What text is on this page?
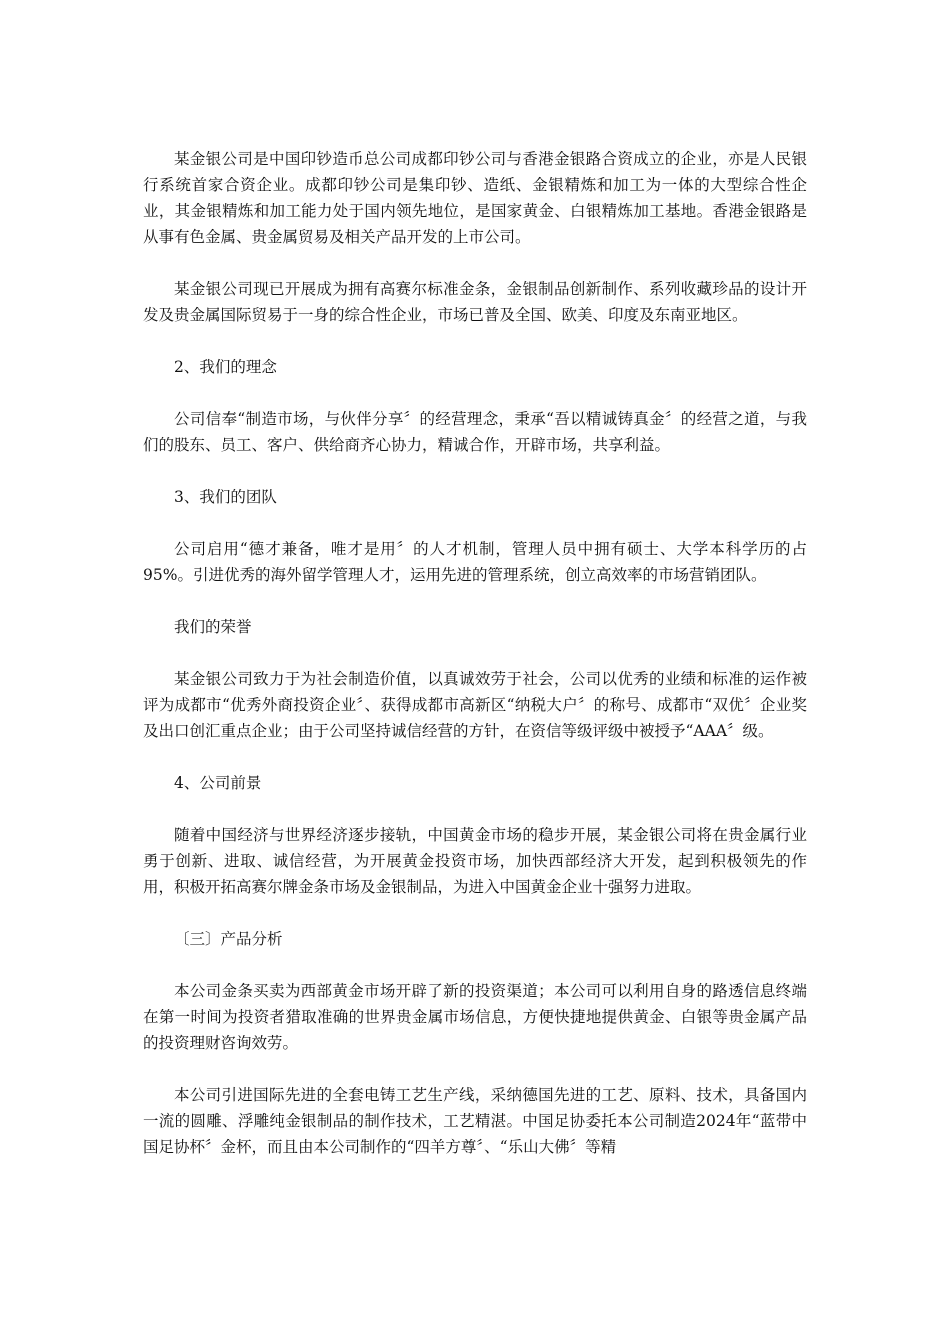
某金银公司是中国印钞造币总公司成都印钞公司与香港金银路合资成立的企业，亦是人民银行系统首家合资企业。成都印钞公司是集印钞、造纸、金银精炼和加工为一体的大型综合性企业，其金银精炼和加工能力处于国内领先地位，是国家黄金、白银精炼加工基地。香港金银路是从事有色金属、贵金属贸易及相关产品开发的上市公司。

某金银公司现已开展成为拥有高赛尔标准金条，金银制品创新制作、系列收藏珍品的设计开发及贵金属国际贸易于一身的综合性企业，市场已普及全国、欧美、印度及东南亚地区。

2、我们的理念

公司信奉“制造市场，与伙伴分享〞的经营理念，秉承“吾以精诚铸真金〞的经营之道，与我们的股东、员工、客户、供给商齐心协力，精诚合作，开辟市场，共享利益。

3、我们的团队

公司启用“德才兼备，唯才是用〞的人才机制，管理人员中拥有硕士、大学本科学历的占95%。引进优秀的海外留学管理人才，运用先进的管理系统，创立高效率的市场营销团队。

我们的荣誉

某金银公司致力于为社会制造价值，以真诚效劳于社会，公司以优秀的业绩和标准的运作被评为成都市“优秀外商投资企业〞、获得成都市高新区“纳税大户〞的称号、成都市“双优〞企业奖及出口创汇重点企业；由于公司坚持诚信经营的方针，在资信等级评级中被授予“AAA〞级。

4、公司前景

随着中国经济与世界经济逐步接轨，中国黄金市场的稳步开展，某金银公司将在贵金属行业勇于创新、进取、诚信经营，为开展黄金投资市场，加快西部经济大开发，起到积极领先的作用，积极开拓高赛尔牌金条市场及金银制品，为进入中国黄金企业十强努力进取。

〔三〕产品分析

本公司金条买卖为西部黄金市场开辟了新的投资渠道；本公司可以利用自身的路透信息终端在第一时间为投资者猎取准确的世界贵金属市场信息，方便快捷地提供黄金、白银等贵金属产品的投资理财咨询效劳。

本公司引进国际先进的全套电铸工艺生产线，采纳德国先进的工艺、原料、技术，具备国内一流的圆雕、浮雕纯金银制品的制作技术，工艺精湛。中国足协委托本公司制造2024年“蓝带中国足协杯〞金杯，而且由本公司制作的“四羊方尊〞、“乐山大佛〞等精
